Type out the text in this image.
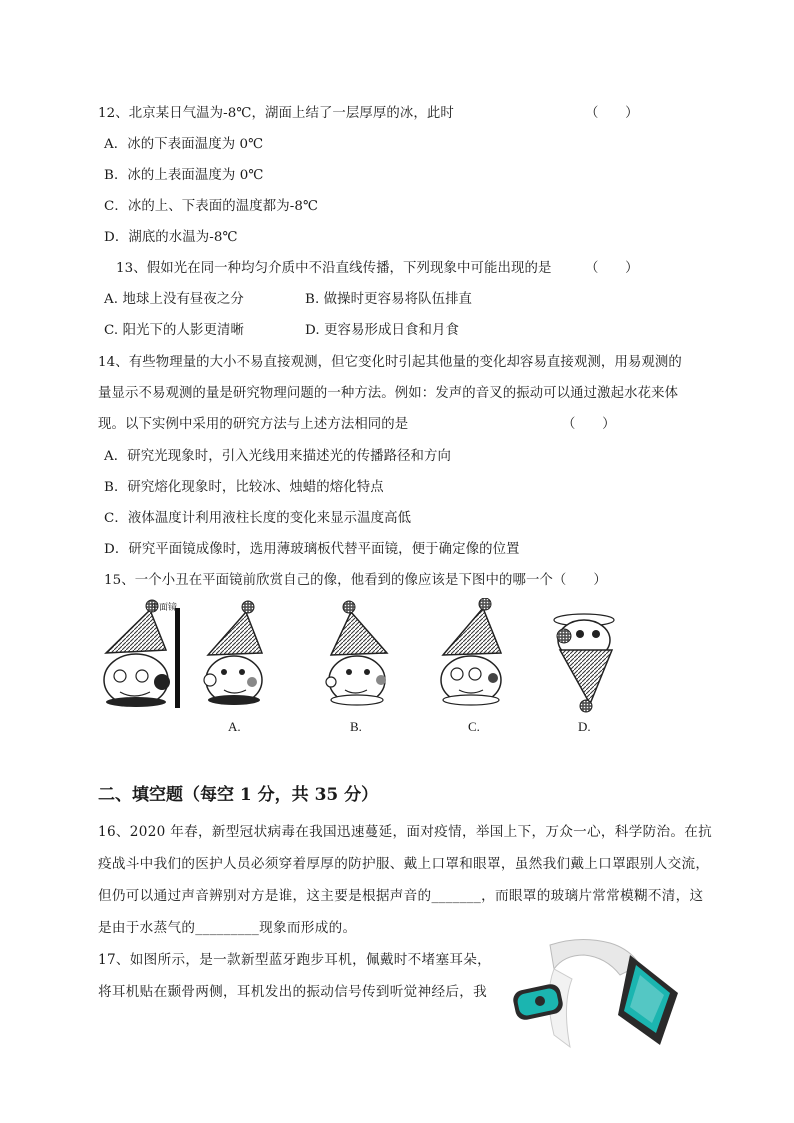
12、北京某日气温为-8℃，湖面上结了一层厚厚的冰，此时	（　　）
A．冰的下表面温度为 0℃
B．冰的上表面温度为 0℃
C．冰的上、下表面的温度都为-8℃
D．湖底的水温为-8℃
13、假如光在同一种均匀介质中不沿直线传播，下列现象中可能出现的是	（　　）
A. 地球上没有昼夜之分	B. 做操时更容易将队伍排直
C. 阳光下的人影更清晰	D. 更容易形成日食和月食
14、有些物理量的大小不易直接观测，但它变化时引起其他量的变化却容易直接观测，用易观测的
量显示不易观测的量是研究物理问题的一种方法。例如：发声的音叉的振动可以通过激起水花来体
现。以下实例中采用的研究方法与上述方法相同的是	（　　）
A．研究光现象时，引入光线用来描述光的传播路径和方向
B．研究熔化现象时，比较冰、烛蜡的熔化特点
C．液体温度计利用液柱长度的变化来显示温度高低
D．研究平面镜成像时，选用薄玻璃板代替平面镜，便于确定像的位置
15、一个小丑在平面镜前欣赏自己的像，他看到的像应该是下图中的哪一个（　　）
平面镜
A.	B.	C.	D.
二、填空题（每空 1 分，共 35 分）
16、2020 年春，新型冠状病毒在我国迅速蔓延，面对疫情，举国上下，万众一心，科学防治。在抗
疫战斗中我们的医护人员必须穿着厚厚的防护服、戴上口罩和眼罩，虽然我们戴上口罩跟别人交流，
但仍可以通过声音辨别对方是谁，这主要是根据声音的_______，而眼罩的玻璃片常常模糊不清，这
是由于水蒸气的_________现象而形成的。
17、如图所示，是一款新型蓝牙跑步耳机，佩戴时不堵塞耳朵，
将耳机贴在颞骨两侧，耳机发出的振动信号传到听觉神经后，我
